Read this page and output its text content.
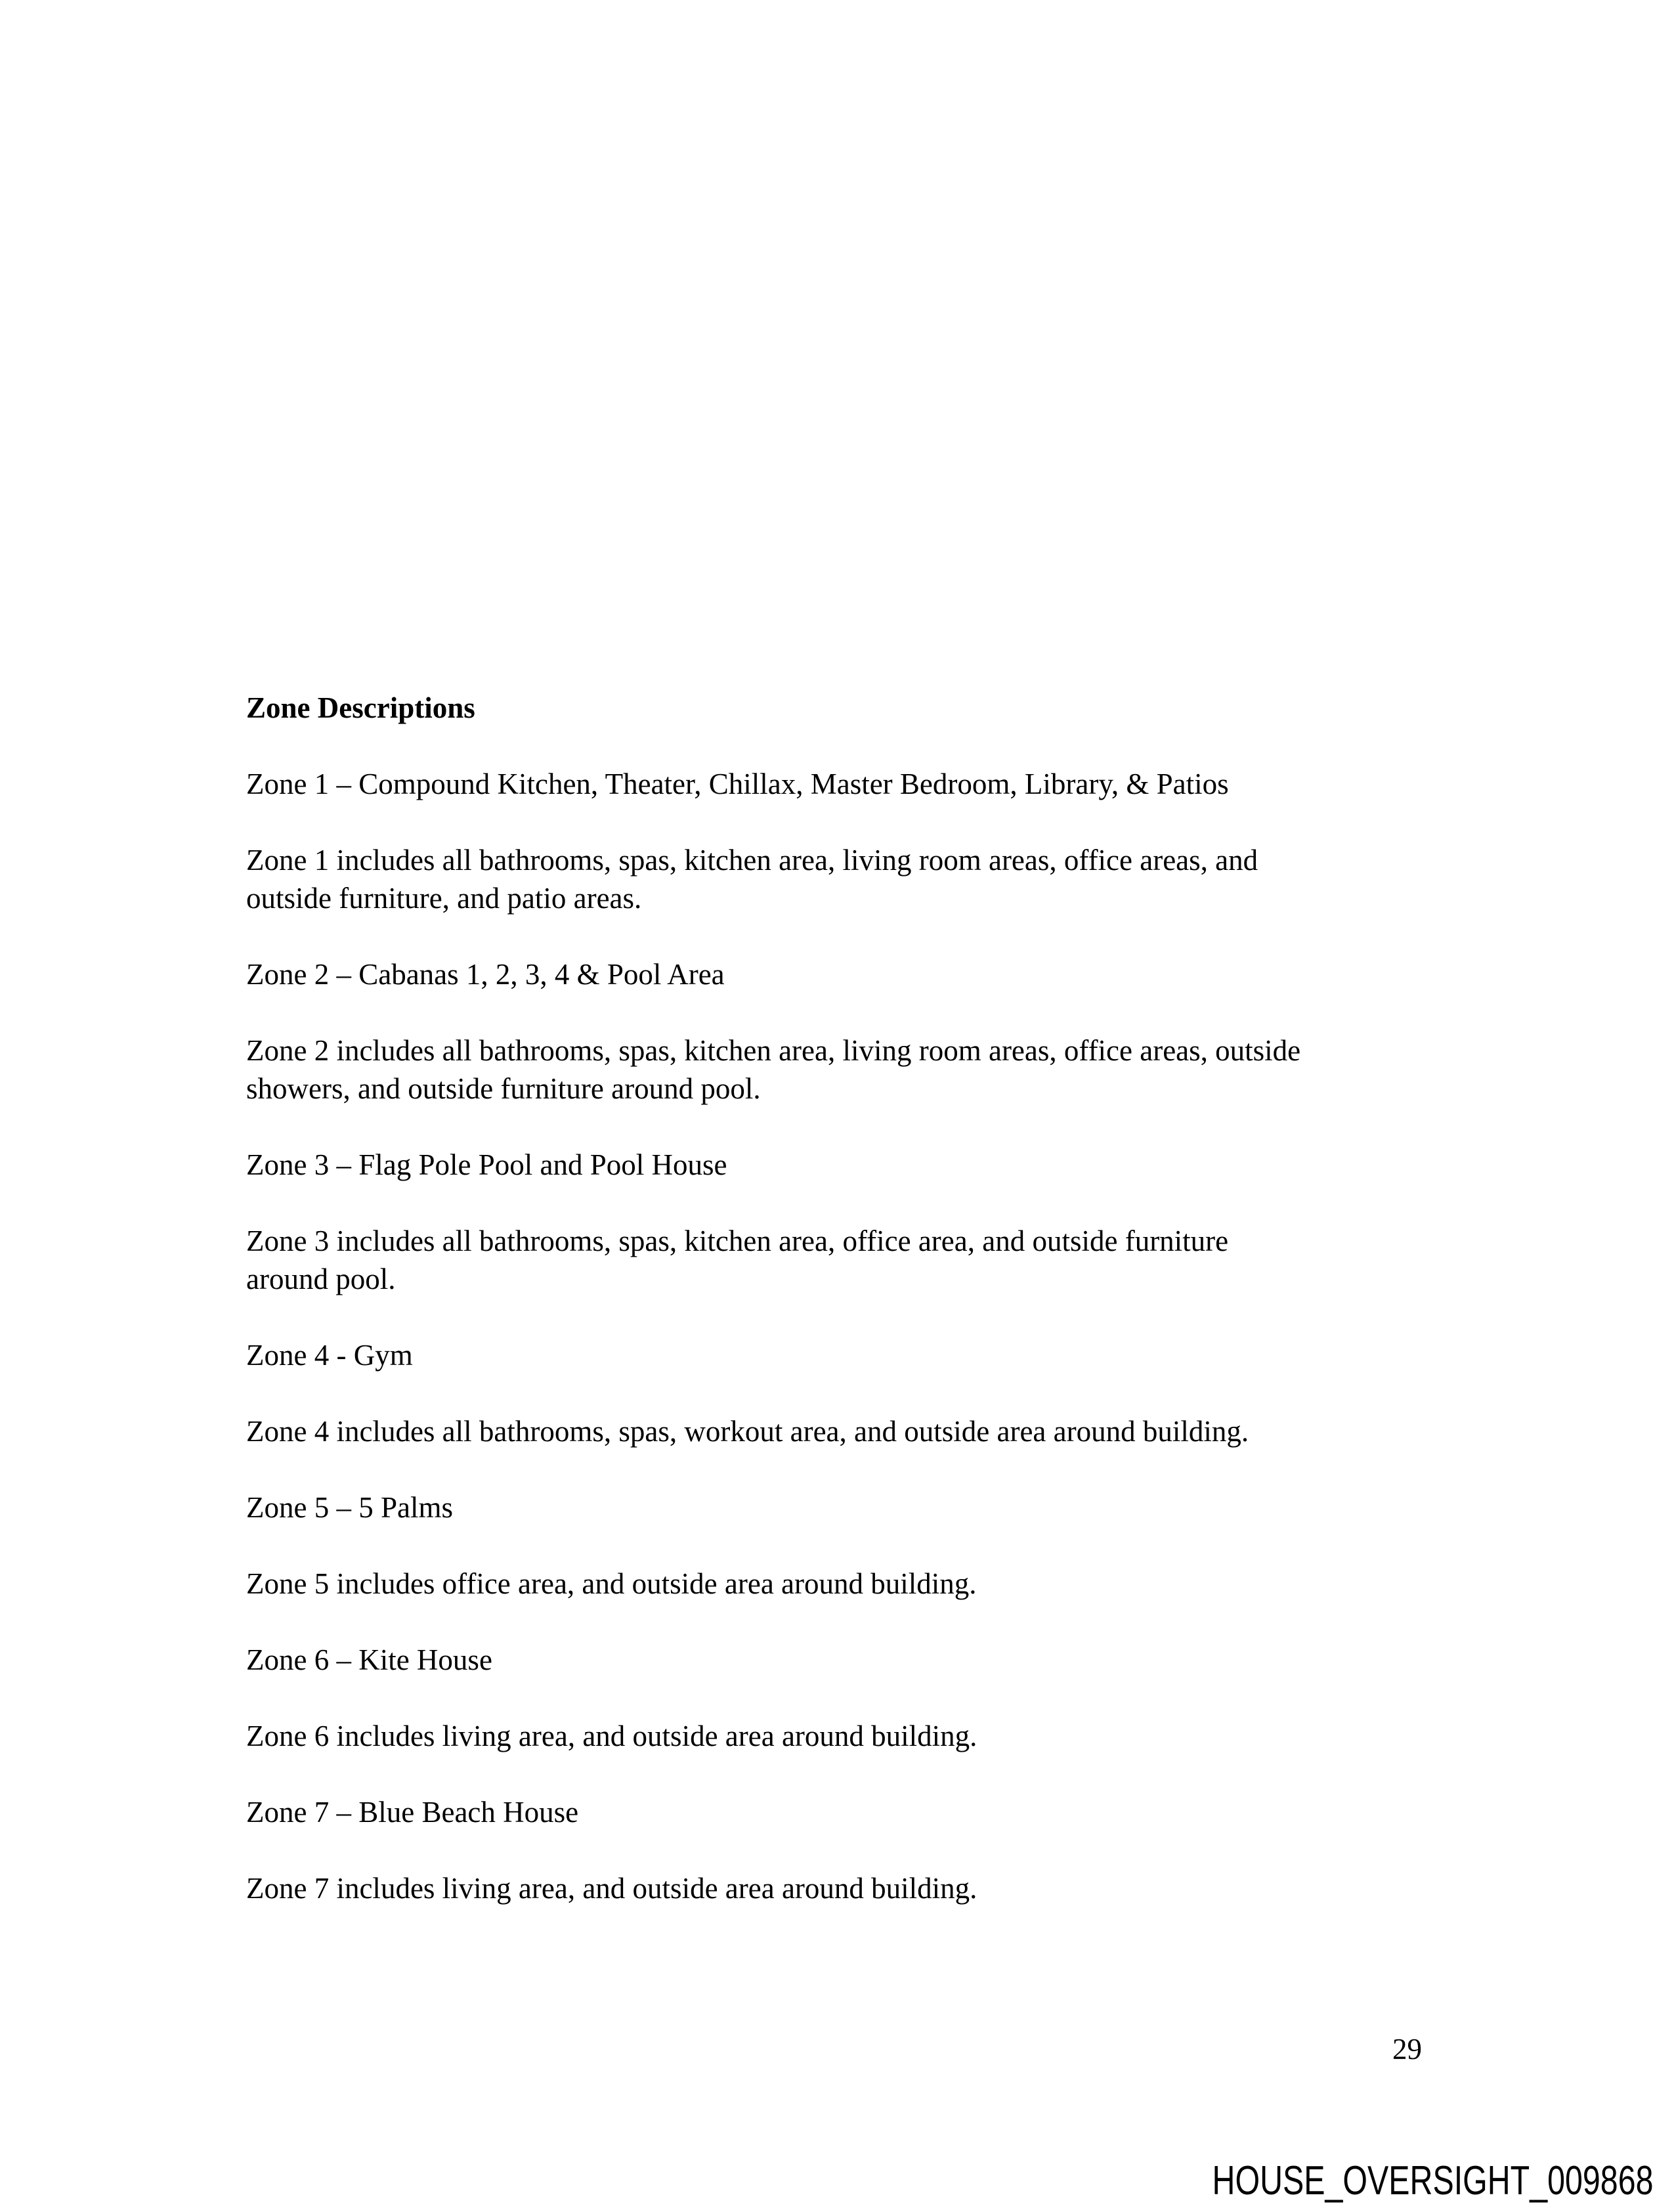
Zone Descriptions
Zone 1 – Compound Kitchen, Theater, Chillax, Master Bedroom, Library, & Patios
Zone 1 includes all bathrooms, spas, kitchen area, living room areas, office areas, and
outside furniture, and patio areas.
Zone 2 – Cabanas 1, 2, 3, 4 & Pool Area
Zone 2 includes all bathrooms, spas, kitchen area, living room areas, office areas, outside
showers, and outside furniture around pool.
Zone 3 – Flag Pole Pool and Pool House
Zone 3 includes all bathrooms, spas, kitchen area, office area, and outside furniture
around pool.
Zone 4 - Gym
Zone 4 includes all bathrooms, spas, workout area, and outside area around building.
Zone 5 – 5 Palms
Zone 5 includes office area, and outside area around building.
Zone 6 – Kite House
Zone 6 includes living area, and outside area around building.
Zone 7 – Blue Beach House
Zone 7 includes living area, and outside area around building.
29
HOUSE_OVERSIGHT_009868
